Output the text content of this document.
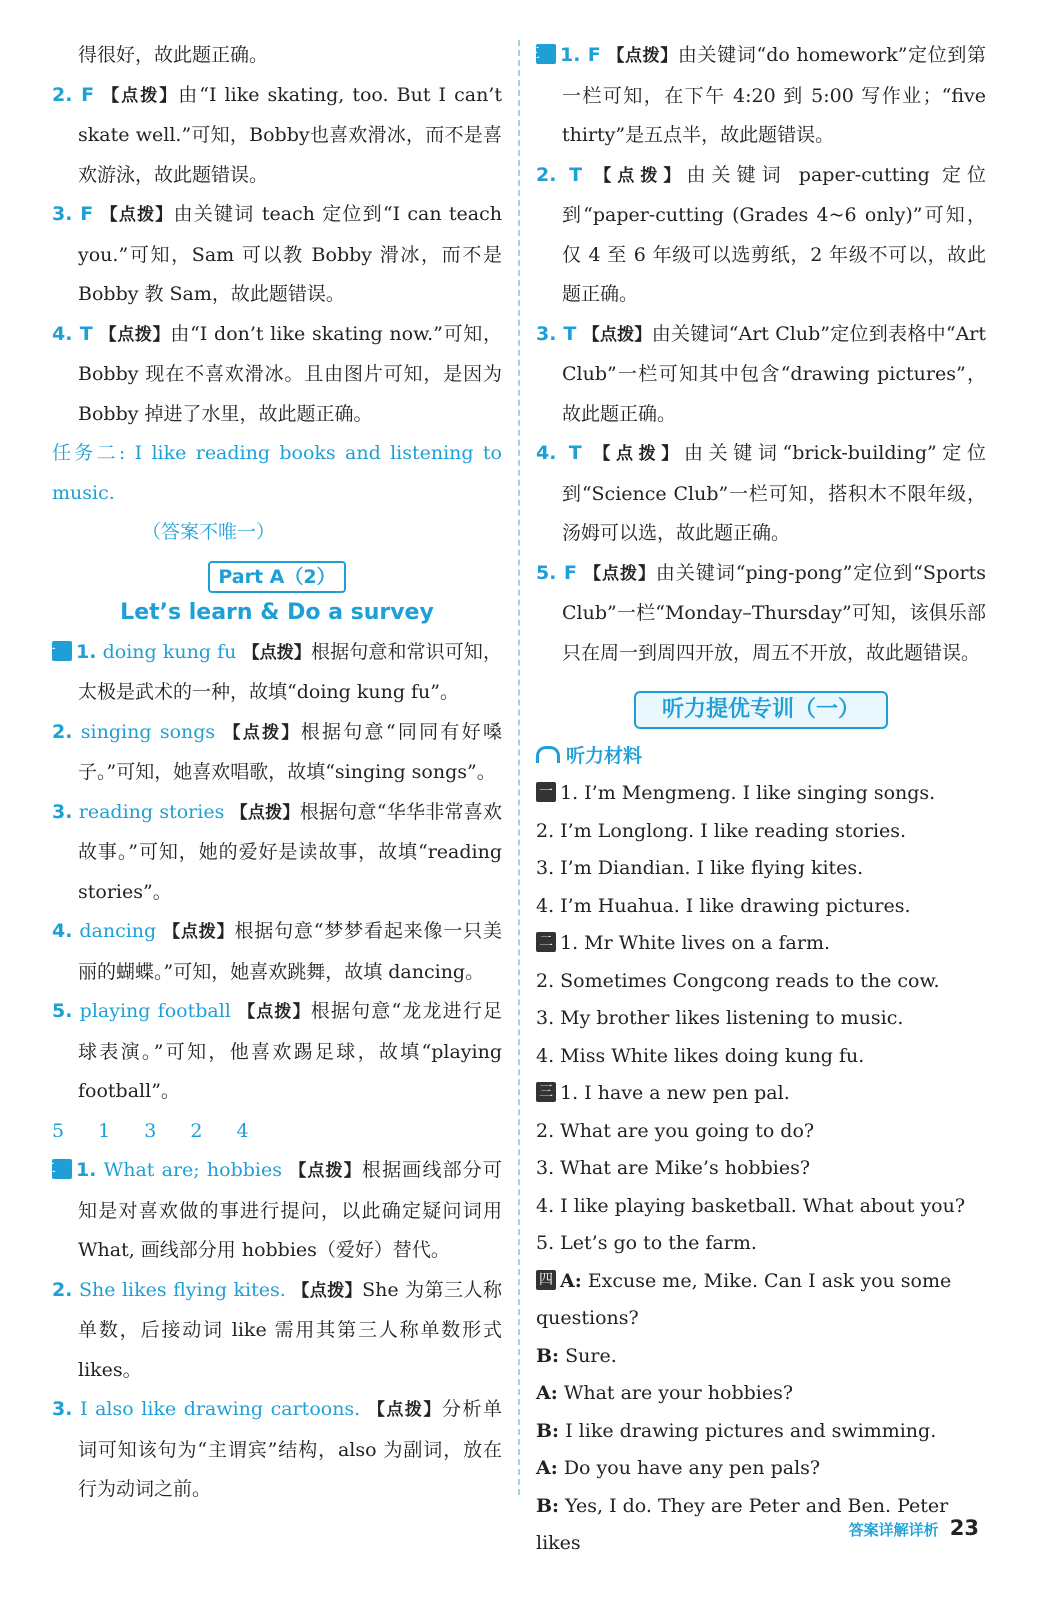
得很好，故此题正确。

2. F 【点拨】由“I like skating, too. But I can’t skate well.”可知，Bobby也喜欢滑冰，而不是喜欢游泳，故此题错误。

3. F 【点拨】由关键词 teach 定位到“I can teach you.”可知，Sam 可以教 Bobby 滑冰，而不是 Bobby 教 Sam，故此题错误。

4. T 【点拨】由“I don’t like skating now.”可知，Bobby 现在不喜欢滑冰。且由图片可知，是因为 Bobby 掉进了水里，故此题正确。

任务二: I like reading books and listening to music.

（答案不唯一）

Part A（2）
Let’s learn & Do a survey

一 1. doing kung fu 【点拨】根据句意和常识可知，太极是武术的一种，故填“doing kung fu”。

2. singing songs 【点拨】根据句意“同同有好嗓子。”可知，她喜欢唱歌，故填“singing songs”。

3. reading stories 【点拨】根据句意“华华非常喜欢故事。”可知，她的爱好是读故事，故填“reading stories”。

4. dancing 【点拨】根据句意“梦梦看起来像一只美丽的蝴蝶。”可知，她喜欢跳舞，故填 dancing。

5. playing football 【点拨】根据句意“龙龙进行足球表演。”可知，他喜欢踢足球，故填“playing football”。

5 1 3 2 4

二 1. What are; hobbies 【点拨】根据画线部分可知是对喜欢做的事进行提问，以此确定疑问词用 What, 画线部分用 hobbies（爱好）替代。

2. She likes flying kites. 【点拨】She 为第三人称单数，后接动词 like 需用其第三人称单数形式 likes。

3. I also like drawing cartoons. 【点拨】分析单词可知该句为“主谓宾”结构，also 为副词，放在行为动词之前。

三 1. F 【点拨】由关键词“do homework”定位到第一栏可知，在下午 4:20 到 5:00 写作业；“five thirty”是五点半，故此题错误。

2. T 【点拨】由关键词 paper-cutting 定位到“paper-cutting (Grades 4~6 only)”可知，仅 4 至 6 年级可以选剪纸，2 年级不可以，故此题正确。

3. T 【点拨】由关键词“Art Club”定位到表格中“Art Club”一栏可知其中包含“drawing pictures”，故此题正确。

4. T 【点拨】由关键词“brick-building”定位到“Science Club”一栏可知，搭积木不限年级，汤姆可以选，故此题正确。

5. F 【点拨】由关键词“ping-pong”定位到“Sports Club”一栏“Monday–Thursday”可知，该俱乐部只在周一到周四开放，周五不开放，故此题错误。

听力提优专训（一）
听力材料

一 1. I’m Mengmeng. I like singing songs.

2. I’m Longlong. I like reading stories.

3. I’m Diandian. I like flying kites.

4. I’m Huahua. I like drawing pictures.

二 1. Mr White lives on a farm.

2. Sometimes Congcong reads to the cow.

3. My brother likes listening to music.

4. Miss White likes doing kung fu.

三 1. I have a new pen pal.

2. What are you going to do?

3. What are Mike’s hobbies?

4. I like playing basketball. What about you?

5. Let’s go to the farm.

四 A: Excuse me, Mike. Can I ask you some questions?

B: Sure.

A: What are your hobbies?

B: I like drawing pictures and swimming.

A: Do you have any pen pals?

B: Yes, I do. They are Peter and Ben. Peter likes

答案详解详析 23
